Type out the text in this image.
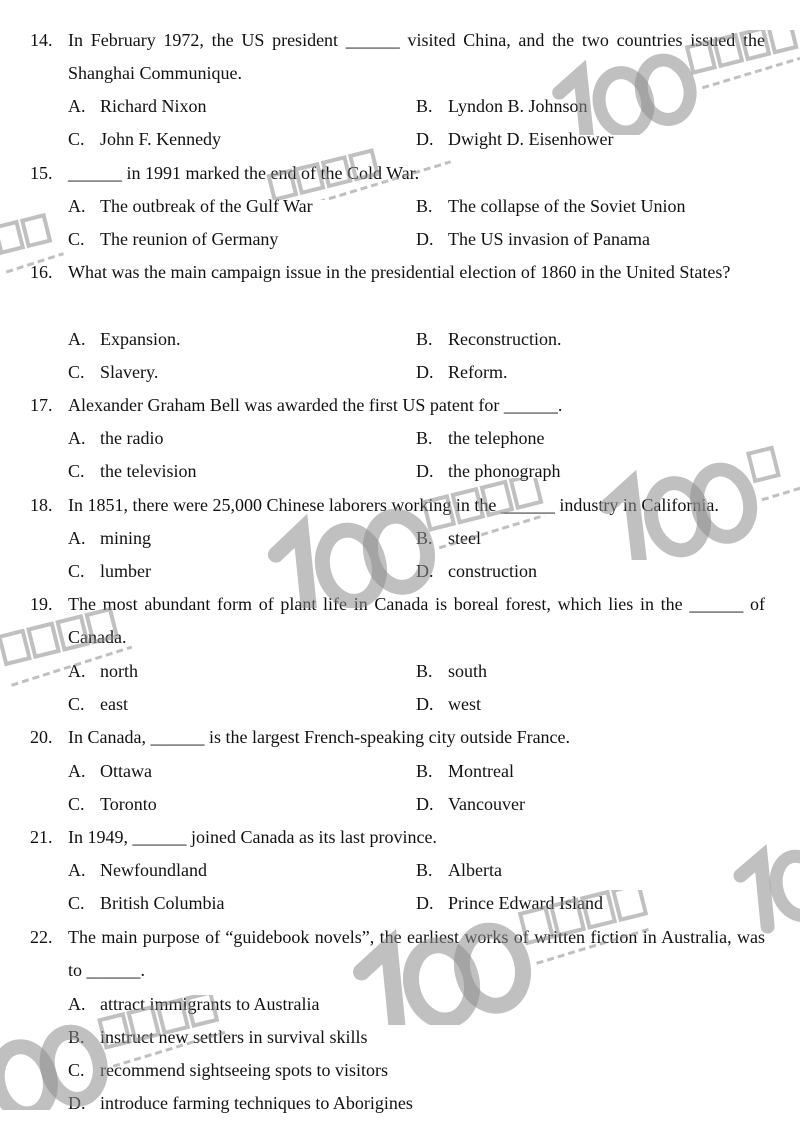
14. In February 1972, the US president ______ visited China, and the two countries issued the Shanghai Communique.
A. Richard Nixon	B. Lyndon B. Johnson
C. John F. Kennedy	D. Dwight D. Eisenhower
15. ______ in 1991 marked the end of the Cold War.
A. The outbreak of the Gulf War	B. The collapse of the Soviet Union
C. The reunion of Germany	D. The US invasion of Panama
16. What was the main campaign issue in the presidential election of 1860 in the United States?
A. Expansion.	B. Reconstruction.
C. Slavery.	D. Reform.
17. Alexander Graham Bell was awarded the first US patent for ______.
A. the radio	B. the telephone
C. the television	D. the phonograph
18. In 1851, there were 25,000 Chinese laborers working in the ______ industry in California.
A. mining	B. steel
C. lumber	D. construction
19. The most abundant form of plant life in Canada is boreal forest, which lies in the ______ of Canada.
A. north	B. south
C. east	D. west
20. In Canada, ______ is the largest French-speaking city outside France.
A. Ottawa	B. Montreal
C. Toronto	D. Vancouver
21. In 1949, ______ joined Canada as its last province.
A. Newfoundland	B. Alberta
C. British Columbia	D. Prince Edward Island
22. The main purpose of “guidebook novels”, the earliest works of written fiction in Australia, was to ______.
A. attract immigrants to Australia
B. instruct new settlers in survival skills
C. recommend sightseeing spots to visitors
D. introduce farming techniques to Aborigines
